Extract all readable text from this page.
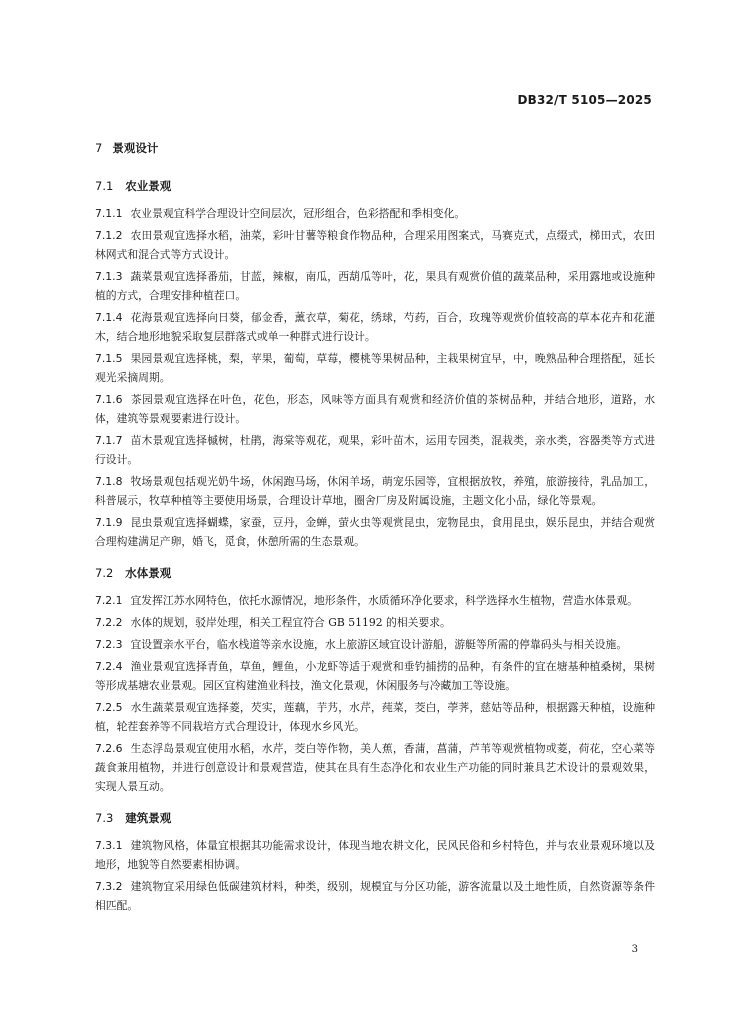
DB32/T 5105—2025
7 景观设计
7.1 农业景观

7.1.1 农业景观宜科学合理设计空间层次，冠形组合，色彩搭配和季相变化。

7.1.2 农田景观宜选择水稻，油菜，彩叶甘薯等粮食作物品种，合理采用图案式，马赛克式，点缀式，梯田式，农田林网式和混合式等方式设计。

7.1.3 蔬菜景观宜选择番茄，甘蓝，辣椒，南瓜，西葫瓜等叶，花，果具有观赏价值的蔬菜品种，采用露地或设施种植的方式，合理安排种植茬口。

7.1.4 花海景观宜选择向日葵，郁金香，薰衣草，菊花，绣球，芍药，百合，玫瑰等观赏价值较高的草本花卉和花灌木，结合地形地貌采取复层群落式或单一种群式进行设计。

7.1.5 果园景观宜选择桃，梨，苹果，葡萄，草莓，樱桃等果树品种，主栽果树宜早，中，晚熟品种合理搭配，延长观光采摘周期。

7.1.6 茶园景观宜选择在叶色，花色，形态，风味等方面具有观赏和经济价值的茶树品种，并结合地形，道路，水体，建筑等景观要素进行设计。

7.1.7 苗木景观宜选择槭树，杜鹃，海棠等观花，观果，彩叶苗木，运用专园类，混栽类，亲水类，容器类等方式进行设计。

7.1.8 牧场景观包括观光奶牛场，休闲跑马场，休闲羊场，萌宠乐园等，宜根据放牧，养殖，旅游接待，乳品加工，科普展示，牧草种植等主要使用场景，合理设计草地，圈舍厂房及附属设施，主题文化小品，绿化等景观。

7.1.9 昆虫景观宜选择蝴蝶，家蚕，豆丹，金蝉，萤火虫等观赏昆虫，宠物昆虫，食用昆虫，娱乐昆虫，并结合观赏合理构建满足产卵，婚飞，觅食，休憩所需的生态景观。

7.2 水体景观

7.2.1 宜发挥江苏水网特色，依托水源情况，地形条件，水质循环净化要求，科学选择水生植物，营造水体景观。

7.2.2 水体的规划，驳岸处理，相关工程宜符合 GB 51192 的相关要求。

7.2.3 宜设置亲水平台，临水栈道等亲水设施，水上旅游区域宜设计游船，游艇等所需的停靠码头与相关设施。

7.2.4 渔业景观宜选择青鱼，草鱼，鲤鱼，小龙虾等适于观赏和垂钓捕捞的品种，有条件的宜在塘基种植桑树，果树等形成基塘农业景观。园区宜构建渔业科技，渔文化景观，休闲服务与冷藏加工等设施。

7.2.5 水生蔬菜景观宜选择菱，芡实，莲藕，芋艿，水芹，莼菜，茭白，荸荠，慈姑等品种，根据露天种植，设施种植，轮茬套养等不同栽培方式合理设计，体现水乡风光。

7.2.6 生态浮岛景观宜使用水稻，水芹，茭白等作物，美人蕉，香蒲，菖蒲，芦苇等观赏植物或菱，荷花，空心菜等蔬食兼用植物，并进行创意设计和景观营造，使其在具有生态净化和农业生产功能的同时兼具艺术设计的景观效果，实现人景互动。

7.3 建筑景观

7.3.1 建筑物风格，体量宜根据其功能需求设计，体现当地农耕文化，民风民俗和乡村特色，并与农业景观环境以及地形，地貌等自然要素相协调。

7.3.2 建筑物宜采用绿色低碳建筑材料，种类，级别，规模宜与分区功能，游客流量以及土地性质，自然资源等条件相匹配。

3
